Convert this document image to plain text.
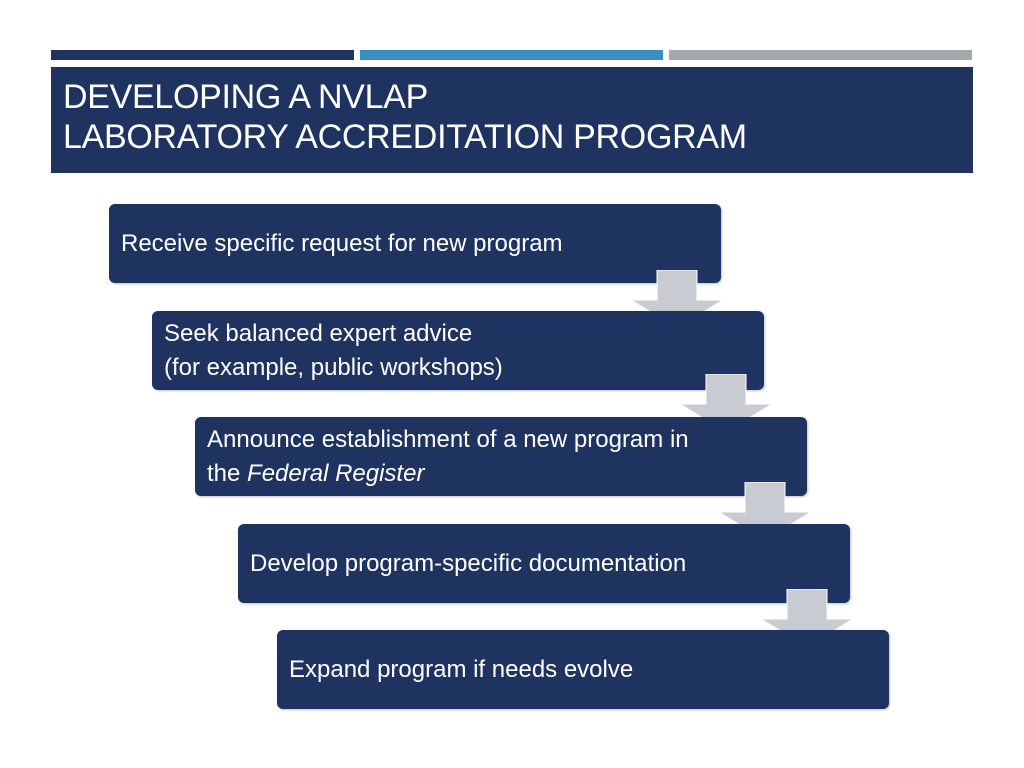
DEVELOPING A NVLAP
LABORATORY ACCREDITATION PROGRAM
Receive specific request for new program
Seek balanced expert advice
(for example, public workshops)
Announce establishment of a new program in
the Federal Register
Develop program-specific documentation
Expand program if needs evolve
